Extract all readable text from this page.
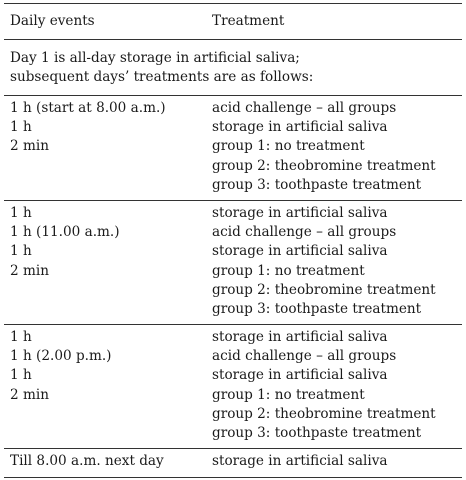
Daily events	Treatment
Day 1 is all-day storage in artificial saliva;
subsequent days’ treatments are as follows:
1 h (start at 8.00 a.m.)
1 h
2 min
acid challenge – all groups
storage in artificial saliva
group 1: no treatment
group 2: theobromine treatment
group 3: toothpaste treatment
1 h
1 h (11.00 a.m.)
1 h
2 min
storage in artificial saliva
acid challenge – all groups
storage in artificial saliva
group 1: no treatment
group 2: theobromine treatment
group 3: toothpaste treatment
1 h
1 h (2.00 p.m.)
1 h
2 min
storage in artificial saliva
acid challenge – all groups
storage in artificial saliva
group 1: no treatment
group 2: theobromine treatment
group 3: toothpaste treatment
Till 8.00 a.m. next day	storage in artificial saliva
